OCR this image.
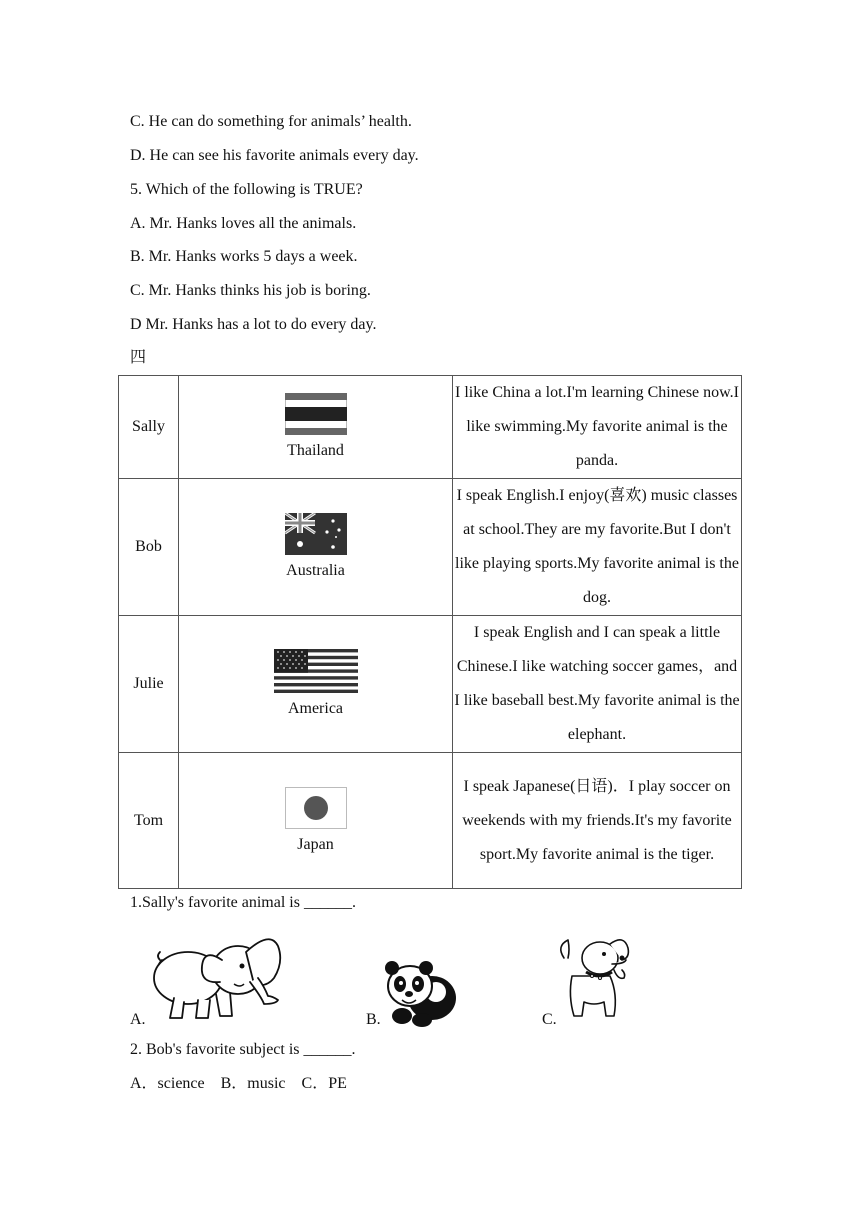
C. He can do something for animals’ health.
D. He can see his favorite animals every day.
5. Which of the following is TRUE?
A. Mr. Hanks loves all the animals.
B. Mr. Hanks works 5 days a week.
C. Mr. Hanks thinks his job is boring.
D Mr. Hanks has a lot to do every day.
四
Sally	Thailand	I like China a lot.I'm learning Chinese now.I like swimming.My favorite animal is the panda.
Bob	Australia	I speak English.I enjoy(喜欢) music classes at school.They are my favorite.But I don't like playing sports.My favorite animal is the dog.
Julie	America	I speak English and I can speak a little Chinese.I like watching soccer games，and I like baseball best.My favorite animal is the elephant.
Tom	Japan	I speak Japanese(日语)．I play soccer on weekends with my friends.It's my favorite sport.My favorite animal is the tiger.
1.Sally's favorite animal is ______.
A.	B.	C.
2. Bob's favorite subject is ______.
A．science　B．music　C．PE
